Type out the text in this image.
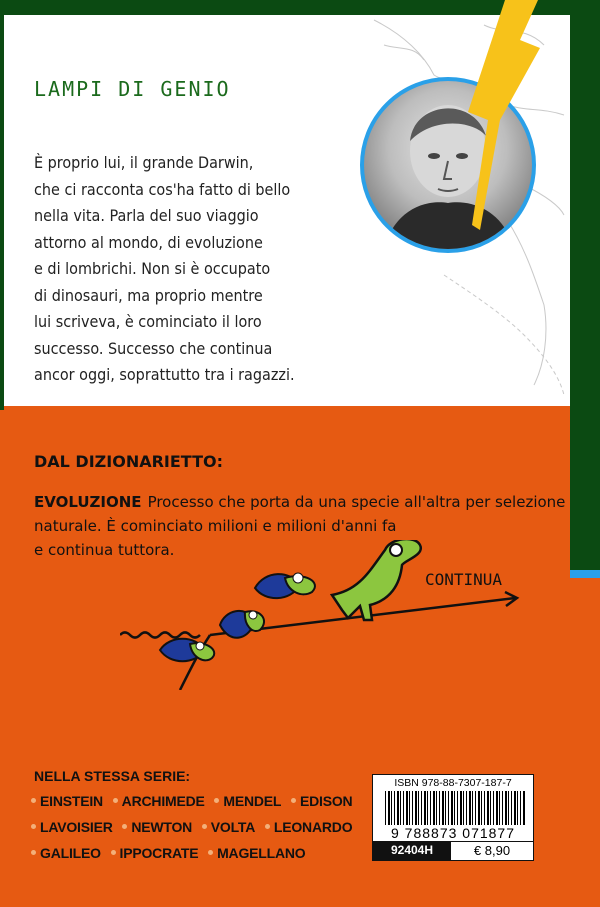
LAMPI DI GENIO
È proprio lui, il grande Darwin,
che ci racconta cos'ha fatto di bello
nella vita. Parla del suo viaggio
attorno al mondo, di evoluzione
e di lombrichi. Non si è occupato
di dinosauri, ma proprio mentre
lui scriveva, è cominciato il loro
successo. Successo che continua
ancor oggi, soprattutto tra i ragazzi.
DAL DIZIONARIETTO:
EVOLUZIONE Processo che porta da una specie all'altra per selezione
naturale. È cominciato milioni e milioni d'anni fa
e continua tuttora.
CONTINUA
NELLA STESSA SERIE:
EINSTEIN ARCHIMEDE MENDEL EDISON
LAVOISIER NEWTON VOLTA LEONARDO
GALILEO IPPOCRATE MAGELLANO
ISBN 978-88-7307-187-7
9 788873 071877
92404H	€ 8,90
